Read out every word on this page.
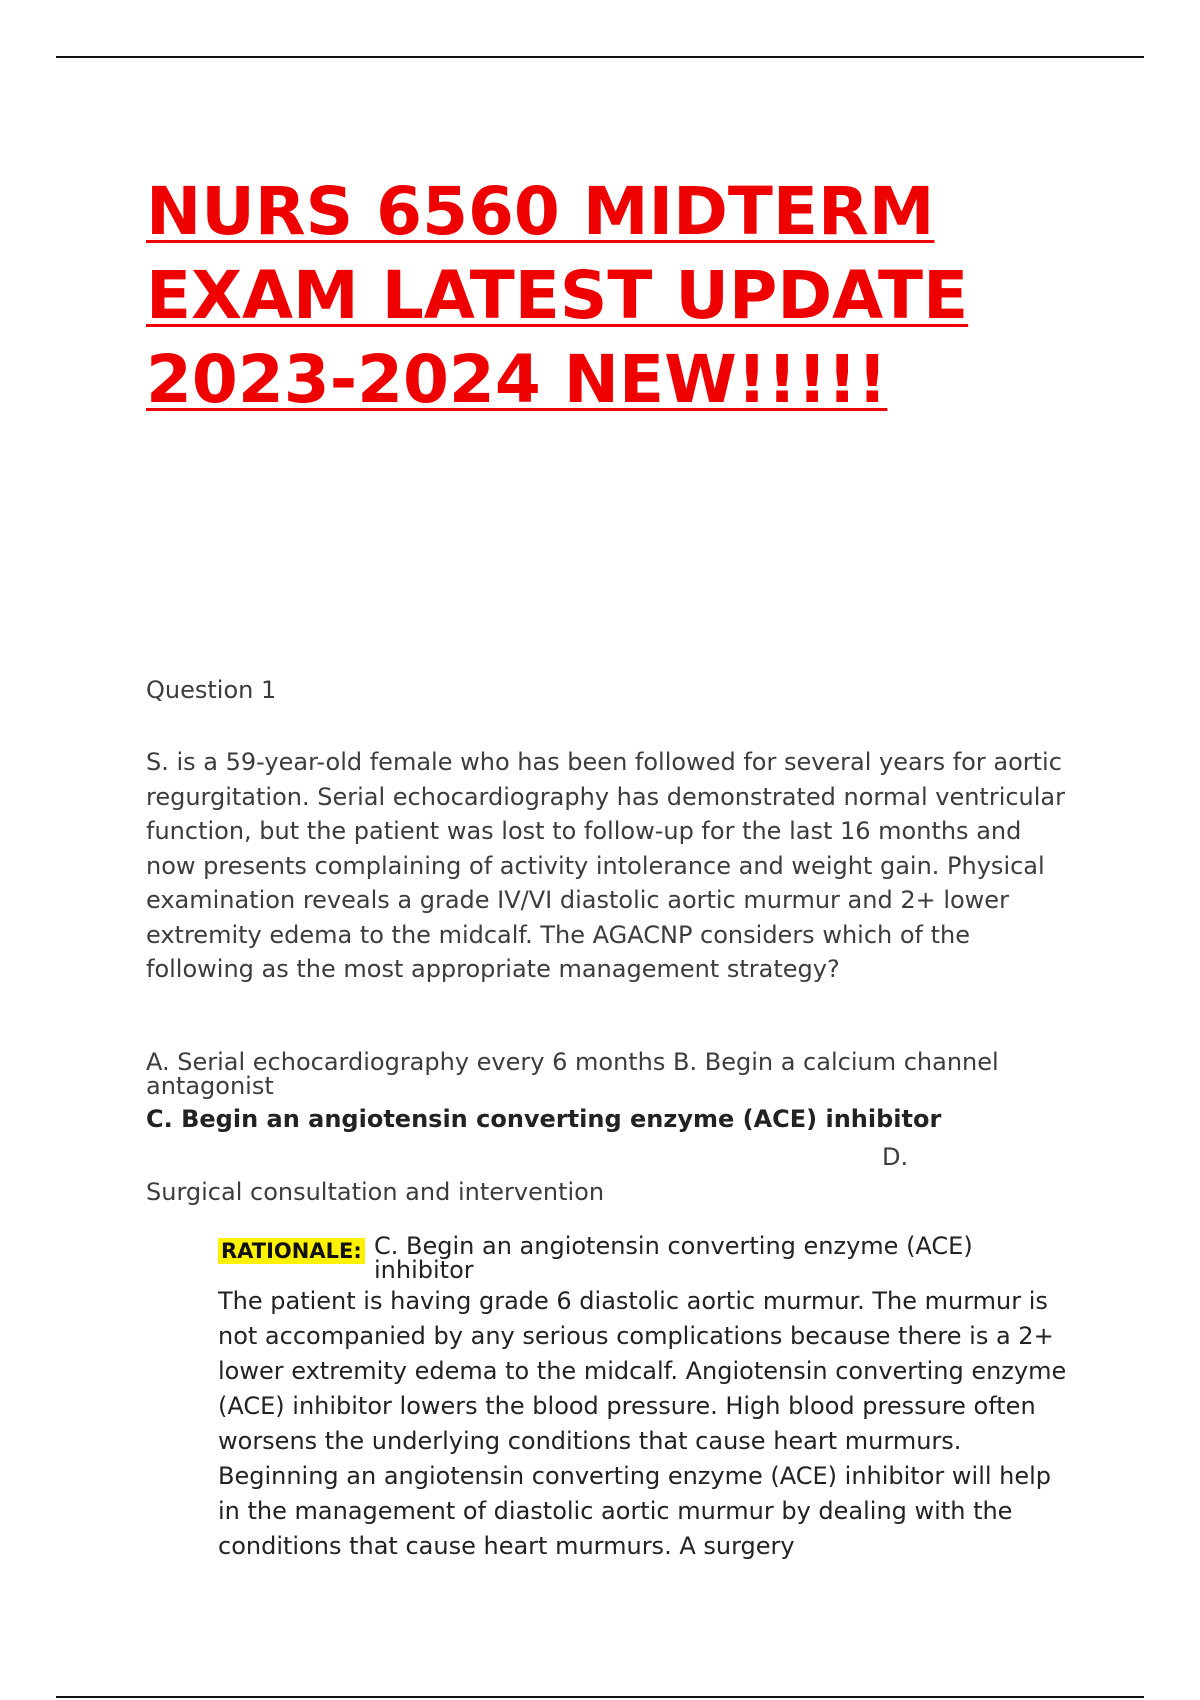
NURS 6560 MIDTERM
EXAM LATEST UPDATE
2023-2024 NEW!!!!!
Question 1
S. is a 59-year-old female who has been followed for several years for aortic regurgitation. Serial echocardiography has demonstrated normal ventricular function, but the patient was lost to follow-up for the last 16 months and now presents complaining of activity intolerance and weight gain. Physical examination reveals a grade IV/VI diastolic aortic murmur and 2+ lower extremity edema to the midcalf. The AGACNP considers which of the following as the most appropriate management strategy?
A. Serial echocardiography every 6 months B. Begin a calcium channel antagonist
C. Begin an angiotensin converting enzyme (ACE) inhibitor
D.
Surgical consultation and intervention
RATIONALE: C. Begin an angiotensin converting enzyme (ACE) inhibitor
The patient is having grade 6 diastolic aortic murmur. The murmur is not accompanied by any serious complications because there is a 2+ lower extremity edema to the midcalf. Angiotensin converting enzyme (ACE) inhibitor lowers the blood pressure. High blood pressure often worsens the underlying conditions that cause heart murmurs. Beginning an angiotensin converting enzyme (ACE) inhibitor will help in the management of diastolic aortic murmur by dealing with the conditions that cause heart murmurs. A surgery
